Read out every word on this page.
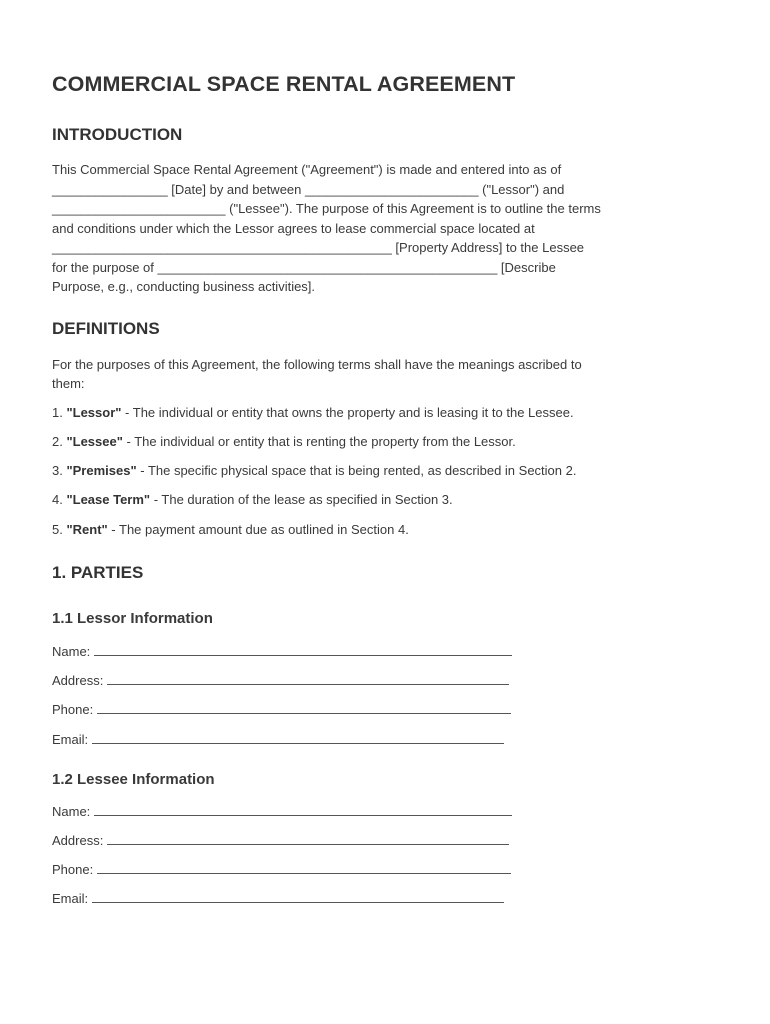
COMMERCIAL SPACE RENTAL AGREEMENT
INTRODUCTION

This Commercial Space Rental Agreement ("Agreement") is made and entered into as of

________________ [Date] by and between ________________________ ("Lessor") and

________________________ ("Lessee"). The purpose of this Agreement is to outline the terms

and conditions under which the Lessor agrees to lease commercial space located at

_______________________________________________ [Property Address] to the Lessee

for the purpose of _______________________________________________ [Describe

Purpose, e.g., conducting business activities].

DEFINITIONS

For the purposes of this Agreement, the following terms shall have the meanings ascribed to

them:

1. "Lessor" - The individual or entity that owns the property and is leasing it to the Lessee.

2. "Lessee" - The individual or entity that is renting the property from the Lessor.

3. "Premises" - The specific physical space that is being rented, as described in Section 2.

4. "Lease Term" - The duration of the lease as specified in Section 3.

5. "Rent" - The payment amount due as outlined in Section 4.

1. PARTIES
1.1 Lessor Information

Name:

Address:

Phone:

Email:

1.2 Lessee Information

Name:

Address:

Phone:

Email:
